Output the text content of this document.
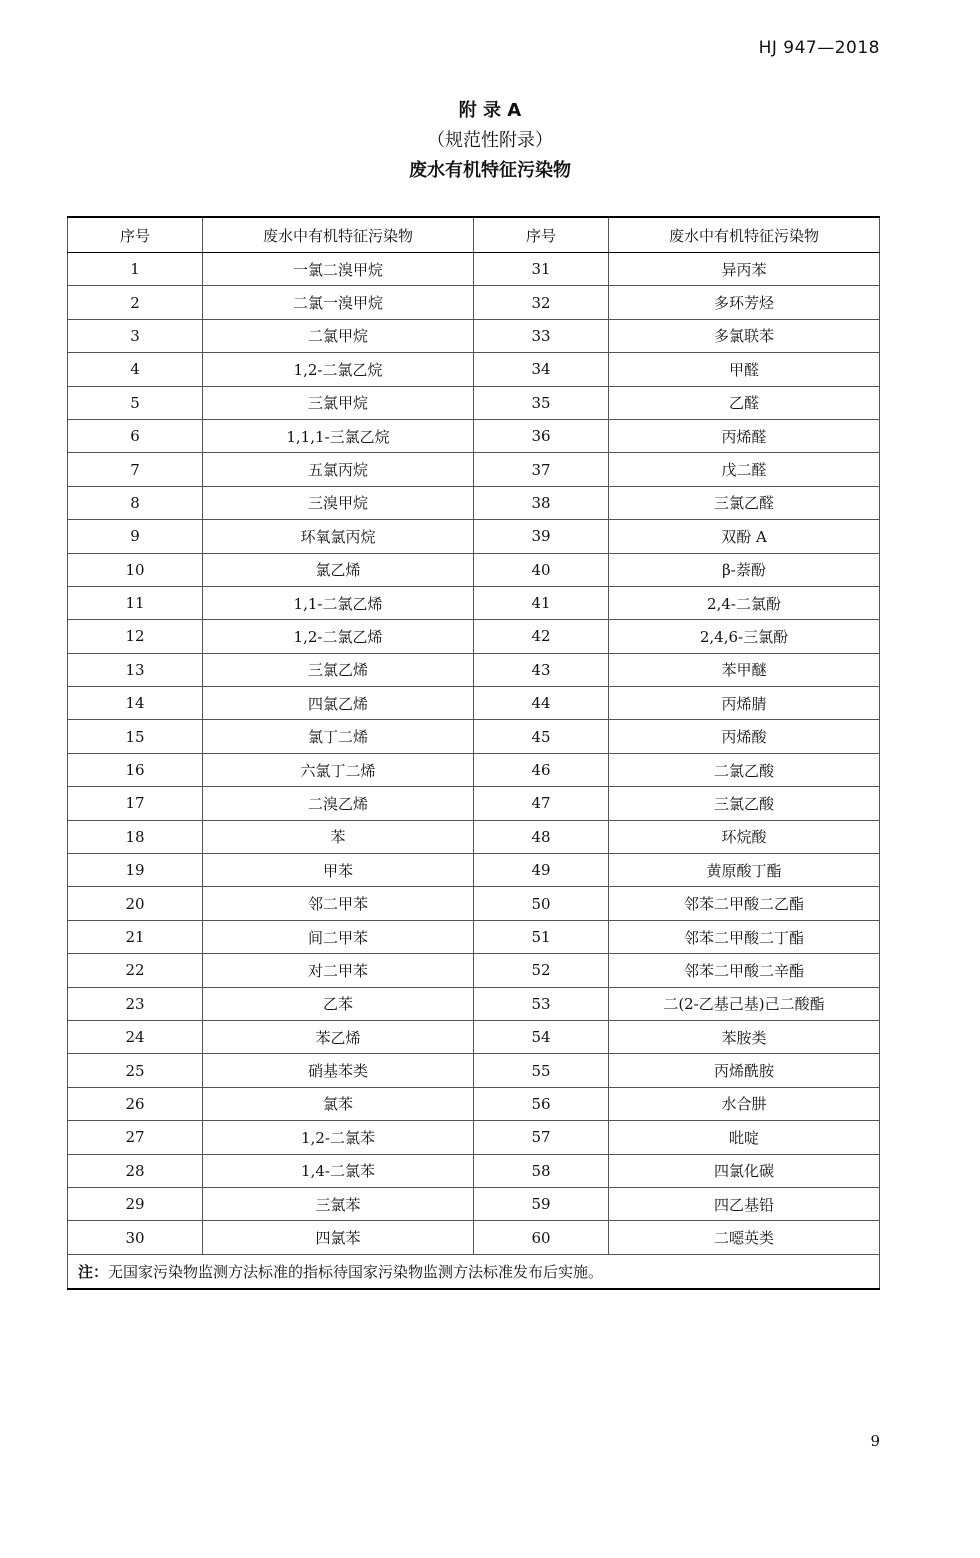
HJ 947—2018
附 录 A
（规范性附录）
废水有机特征污染物
序号	废水中有机特征污染物	序号	废水中有机特征污染物
1	一氯二溴甲烷	31	异丙苯
2	二氯一溴甲烷	32	多环芳烃
3	二氯甲烷	33	多氯联苯
4	1,2-二氯乙烷	34	甲醛
5	三氯甲烷	35	乙醛
6	1,1,1-三氯乙烷	36	丙烯醛
7	五氯丙烷	37	戊二醛
8	三溴甲烷	38	三氯乙醛
9	环氧氯丙烷	39	双酚 A
10	氯乙烯	40	β-萘酚
11	1,1-二氯乙烯	41	2,4-二氯酚
12	1,2-二氯乙烯	42	2,4,6-三氯酚
13	三氯乙烯	43	苯甲醚
14	四氯乙烯	44	丙烯腈
15	氯丁二烯	45	丙烯酸
16	六氯丁二烯	46	二氯乙酸
17	二溴乙烯	47	三氯乙酸
18	苯	48	环烷酸
19	甲苯	49	黄原酸丁酯
20	邻二甲苯	50	邻苯二甲酸二乙酯
21	间二甲苯	51	邻苯二甲酸二丁酯
22	对二甲苯	52	邻苯二甲酸二辛酯
23	乙苯	53	二(2-乙基己基)己二酸酯
24	苯乙烯	54	苯胺类
25	硝基苯类	55	丙烯酰胺
26	氯苯	56	水合肼
27	1,2-二氯苯	57	吡啶
28	1,4-二氯苯	58	四氯化碳
29	三氯苯	59	四乙基铅
30	四氯苯	60	二噁英类
注：无国家污染物监测方法标准的指标待国家污染物监测方法标准发布后实施。			
9
